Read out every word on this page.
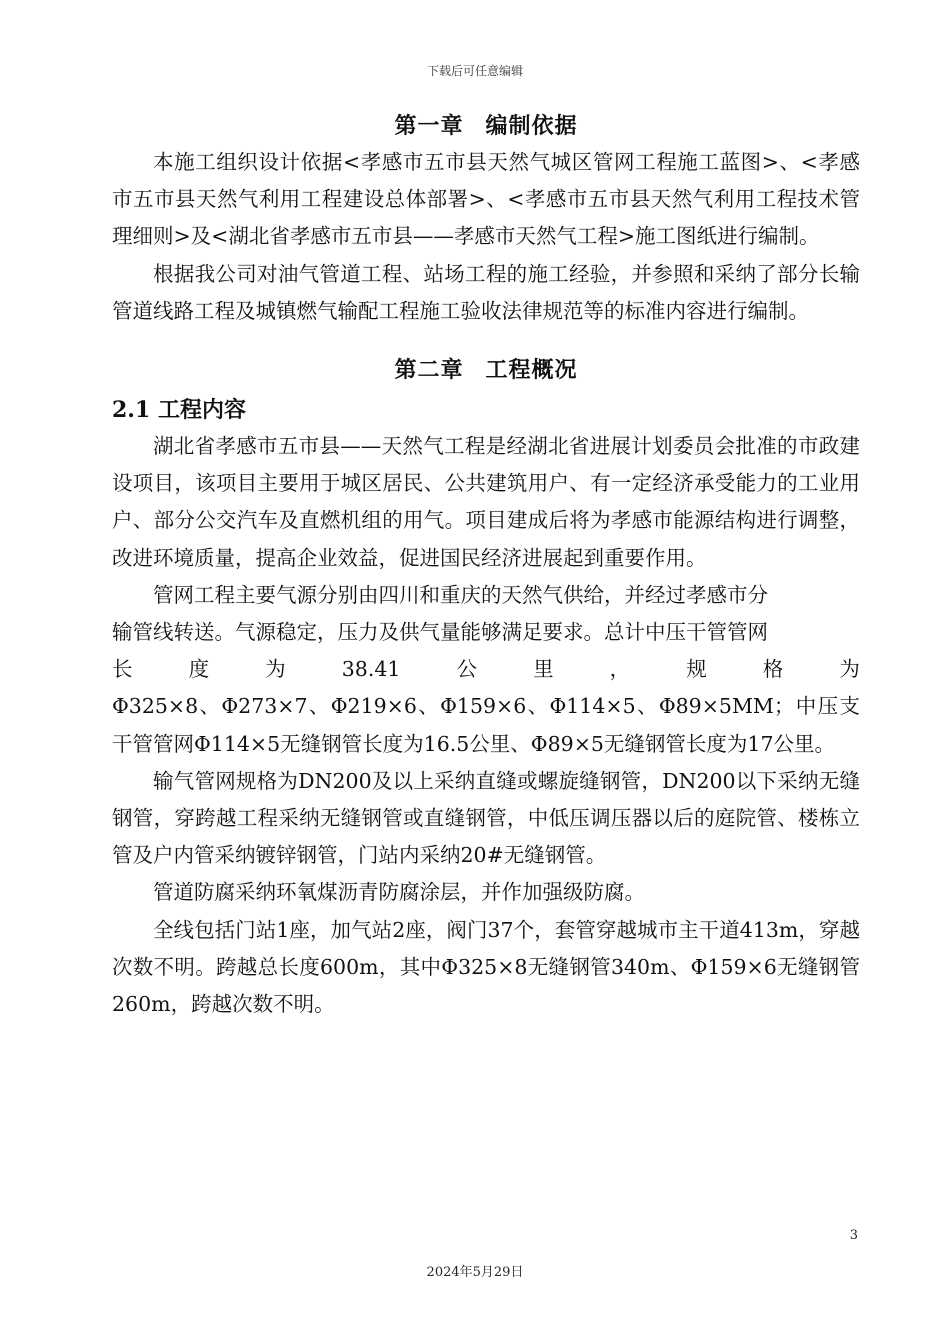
下载后可任意编辑
第一章 编制依据

本施工组织设计依据<孝感市五市县天然气城区管网工程施工蓝图>、<孝感市五市县天然气利用工程建设总体部署>、<孝感市五市县天然气利用工程技术管理细则>及<湖北省孝感市五市县——孝感市天然气工程>施工图纸进行编制。

根据我公司对油气管道工程、站场工程的施工经验，并参照和采纳了部分长输管道线路工程及城镇燃气输配工程施工验收法律规范等的标准内容进行编制。

第二章 工程概况
2.1 工程内容

湖北省孝感市五市县——天然气工程是经湖北省进展计划委员会批准的市政建设项目，该项目主要用于城区居民、公共建筑用户、有一定经济承受能力的工业用户、部分公交汽车及直燃机组的用气。项目建成后将为孝感市能源结构进行调整，改进环境质量，提高企业效益，促进国民经济进展起到重要作用。

管网工程主要气源分别由四川和重庆的天然气供给，并经过孝感市分

输管线转送。气源稳定，压力及供气量能够满足要求。总计中压干管管网

长	度	为	38.41	公	里	，	规	格	为

Φ325×8、Φ273×7、Φ219×6、Φ159×6、Φ114×5、Φ89×5MM；中压支干管管网Φ114×5无缝钢管长度为16.5公里、Φ89×5无缝钢管长度为17公里。

输气管网规格为DN200及以上采纳直缝或螺旋缝钢管，DN200以下采纳无缝钢管，穿跨越工程采纳无缝钢管或直缝钢管，中低压调压器以后的庭院管、楼栋立管及户内管采纳镀锌钢管，门站内采纳20#无缝钢管。

管道防腐采纳环氧煤沥青防腐涂层，并作加强级防腐。

全线包括门站1座，加气站2座，阀门37个，套管穿越城市主干道413m，穿越次数不明。跨越总长度600m，其中Φ325×8无缝钢管340m、Φ159×6无缝钢管260m，跨越次数不明。

3
2024年5月29日
